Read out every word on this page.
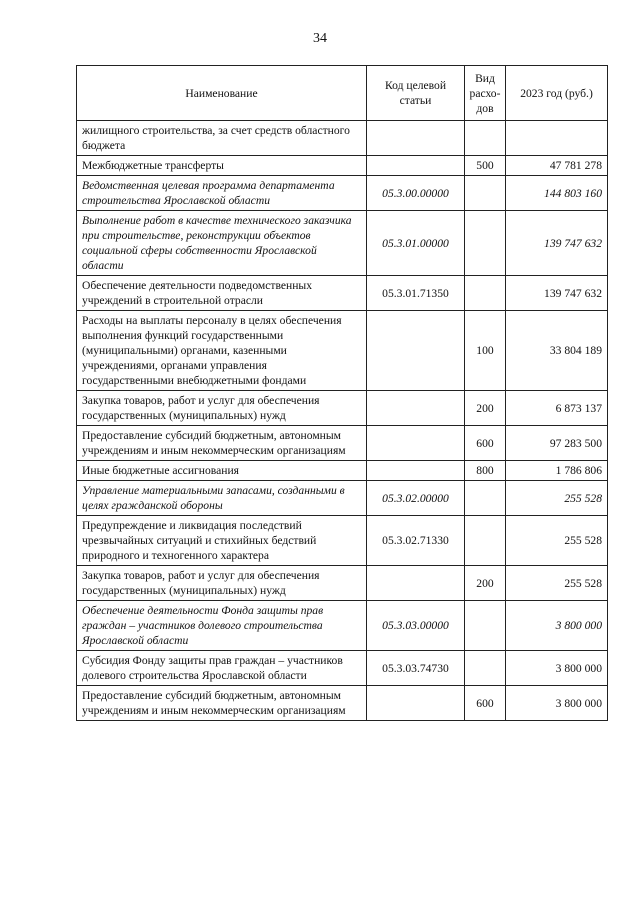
34
Наименование	Код целевой статьи	Вид расхо-дов	2023 год (руб.)
жилищного строительства, за счет средств областного бюджета			
Межбюджетные трансферты		500	47 781 278
Ведомственная целевая программа департамента строительства Ярославской области	05.3.00.00000		144 803 160
Выполнение работ в качестве технического заказчика при строительстве, реконструкции объектов социальной сферы собственности Ярославской области	05.3.01.00000		139 747 632
Обеспечение деятельности подведомственных учреждений в строительной отрасли	05.3.01.71350		139 747 632
Расходы на выплаты персоналу в целях обеспечения выполнения функций государственными (муниципальными) органами, казенными учреждениями, органами управления государственными внебюджетными фондами		100	33 804 189
Закупка товаров, работ и услуг для обеспечения государственных (муниципальных) нужд		200	6 873 137
Предоставление субсидий бюджетным, автономным учреждениям и иным некоммерческим организациям		600	97 283 500
Иные бюджетные ассигнования		800	1 786 806
Управление материальными запасами, созданными в целях гражданской обороны	05.3.02.00000		255 528
Предупреждение и ликвидация последствий чрезвычайных ситуаций и стихийных бедствий природного и техногенного характера	05.3.02.71330		255 528
Закупка товаров, работ и услуг для обеспечения государственных (муниципальных) нужд		200	255 528
Обеспечение деятельности Фонда защиты прав граждан – участников долевого строительства Ярославской области	05.3.03.00000		3 800 000
Субсидия Фонду защиты прав граждан – участников долевого строительства Ярославской области	05.3.03.74730		3 800 000
Предоставление субсидий бюджетным, автономным учреждениям и иным некоммерческим организациям		600	3 800 000
